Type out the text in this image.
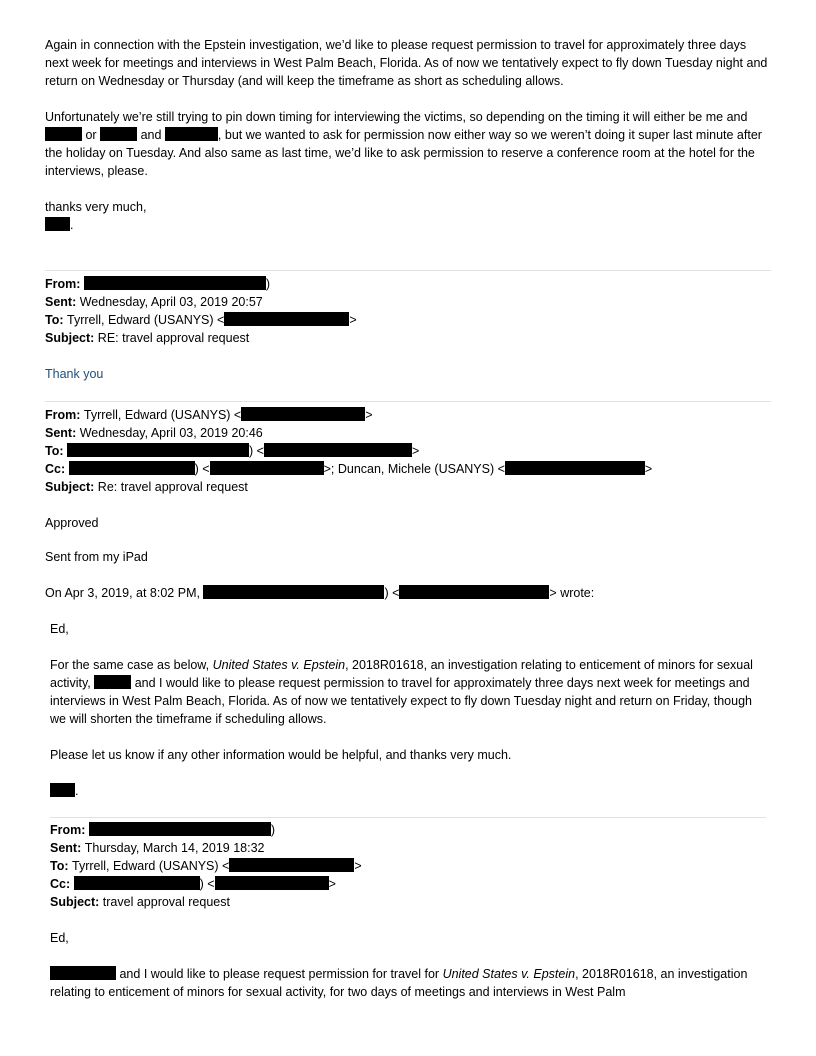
Again in connection with the Epstein investigation, we’d like to please request permission to travel for approximately three days next week for meetings and interviews in West Palm Beach, Florida. As of now we tentatively expect to fly down Tuesday night and return on Wednesday or Thursday (and will keep the timeframe as short as scheduling allows.

Unfortunately we’re still trying to pin down timing for interviewing the victims, so depending on the timing it will either be me and  or	and	, but we wanted to ask for permission now either way so we weren’t doing it super last minute after the holiday on Tuesday. And also same as last time, we’d like to ask permission to reserve a conference room at the hotel for the interviews, please.

thanks very much,

.

From:	)

Sent: Wednesday, April 03, 2019 20:57

To: Tyrrell, Edward (USANYS) <	>

Subject: RE: travel approval request

Thank you

From: Tyrrell, Edward (USANYS) <	>

Sent: Wednesday, April 03, 2019 20:46

To:	) <	>

Cc:	) <	>; Duncan, Michele (USANYS) <	>

Subject: Re: travel approval request

Approved

Sent from my iPad

On Apr 3, 2019, at 8:02 PM,	) <	> wrote:

Ed,

For the same case as below, United States v. Epstein, 2018R01618, an investigation relating to enticement of minors for sexual activity,	and I would like to please request permission to travel for approximately three days next week for meetings and interviews in West Palm Beach, Florida. As of now we tentatively expect to fly down Tuesday night and return on Friday, though we will shorten the timeframe if scheduling allows.

Please let us know if any other information would be helpful, and thanks very much.

.

From:	)

Sent: Thursday, March 14, 2019 18:32

To: Tyrrell, Edward (USANYS) <	>

Cc:	) <	>

Subject: travel approval request

Ed,

and I would like to please request permission for travel for United States v. Epstein, 2018R01618, an investigation relating to enticement of minors for sexual activity, for two days of meetings and interviews in West Palm
